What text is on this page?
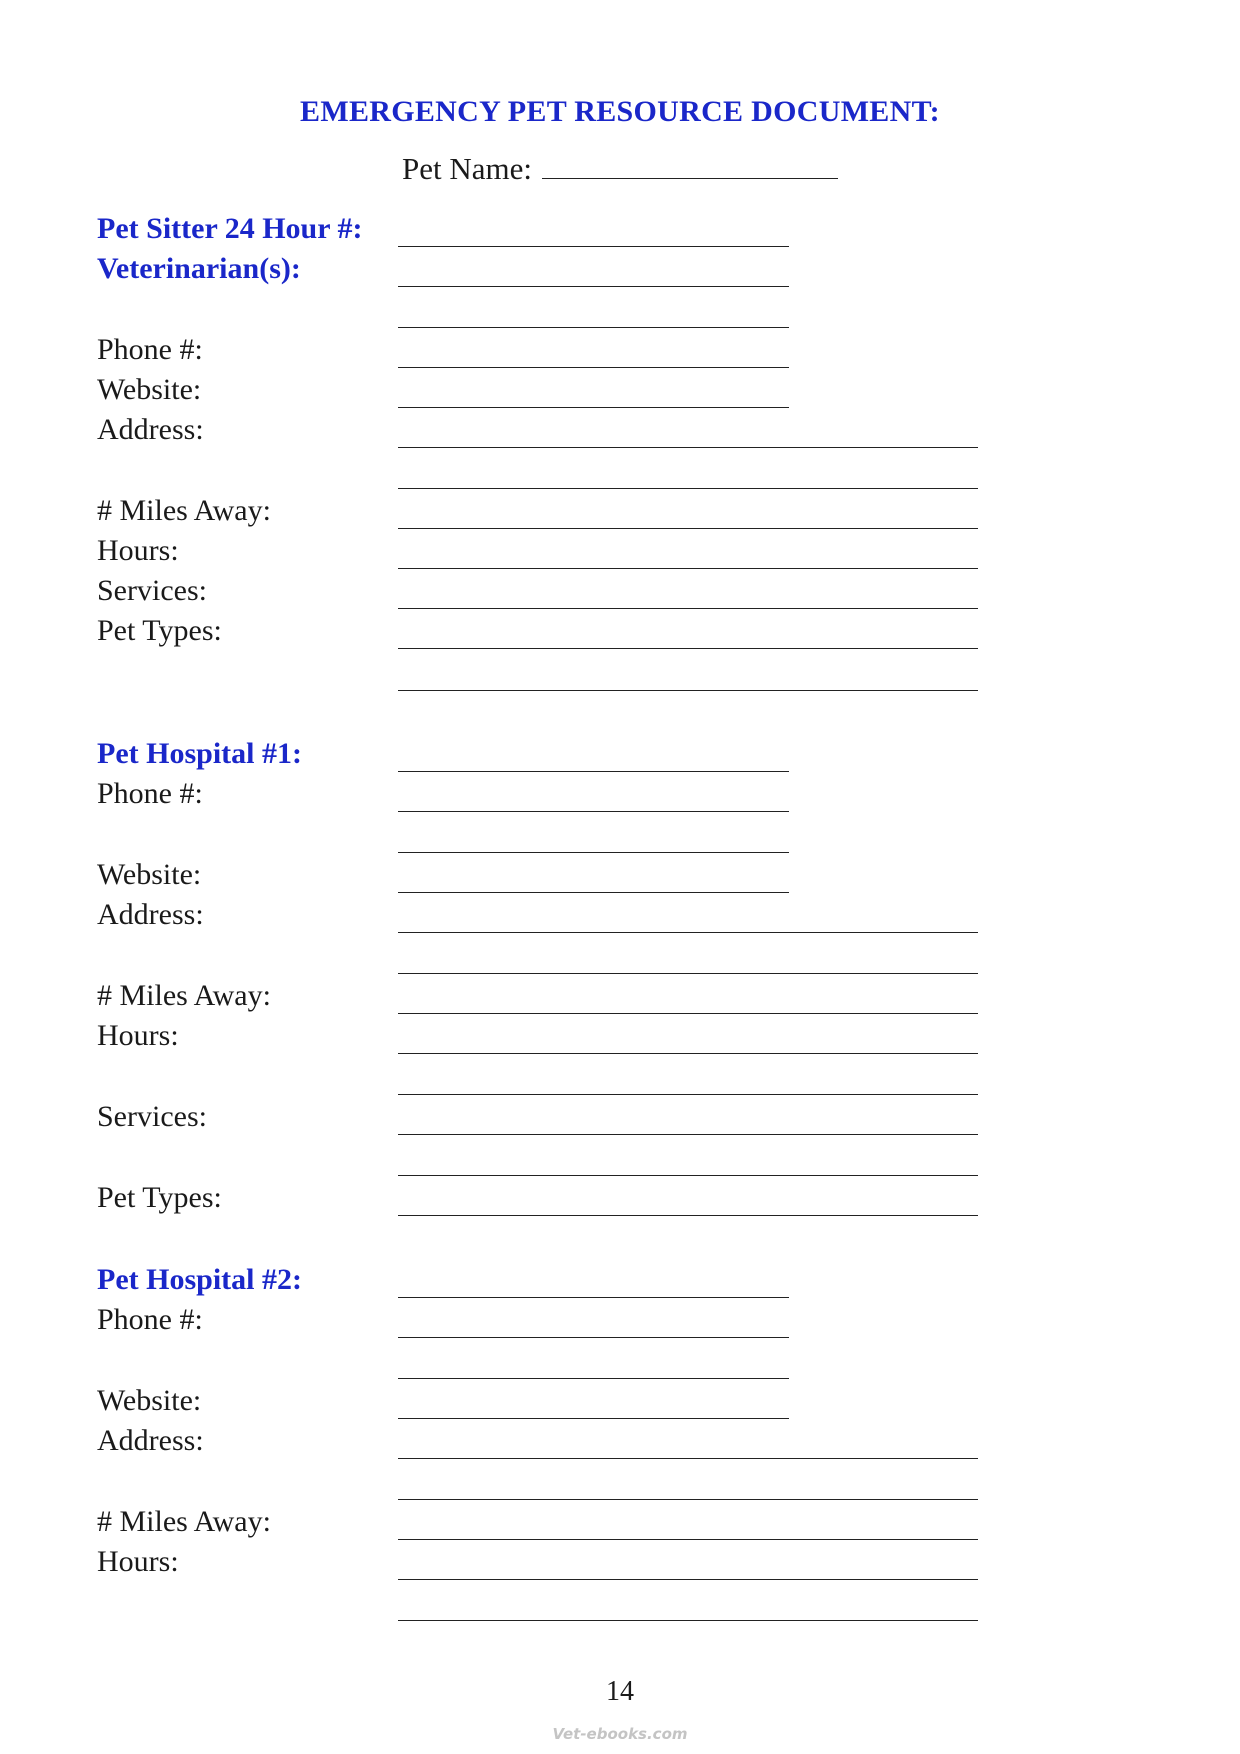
EMERGENCY PET RESOURCE DOCUMENT:
Pet Name:
Pet Sitter 24 Hour #:
Veterinarian(s):
Phone #:
Website:
Address:
# Miles Away:
Hours:
Services:
Pet Types:
Pet Hospital #1:
Phone #:
Website:
Address:
# Miles Away:
Hours:
Services:
Pet Types:
Pet Hospital #2:
Phone #:
Website:
Address:
# Miles Away:
Hours:
14
Vet-ebooks.com
